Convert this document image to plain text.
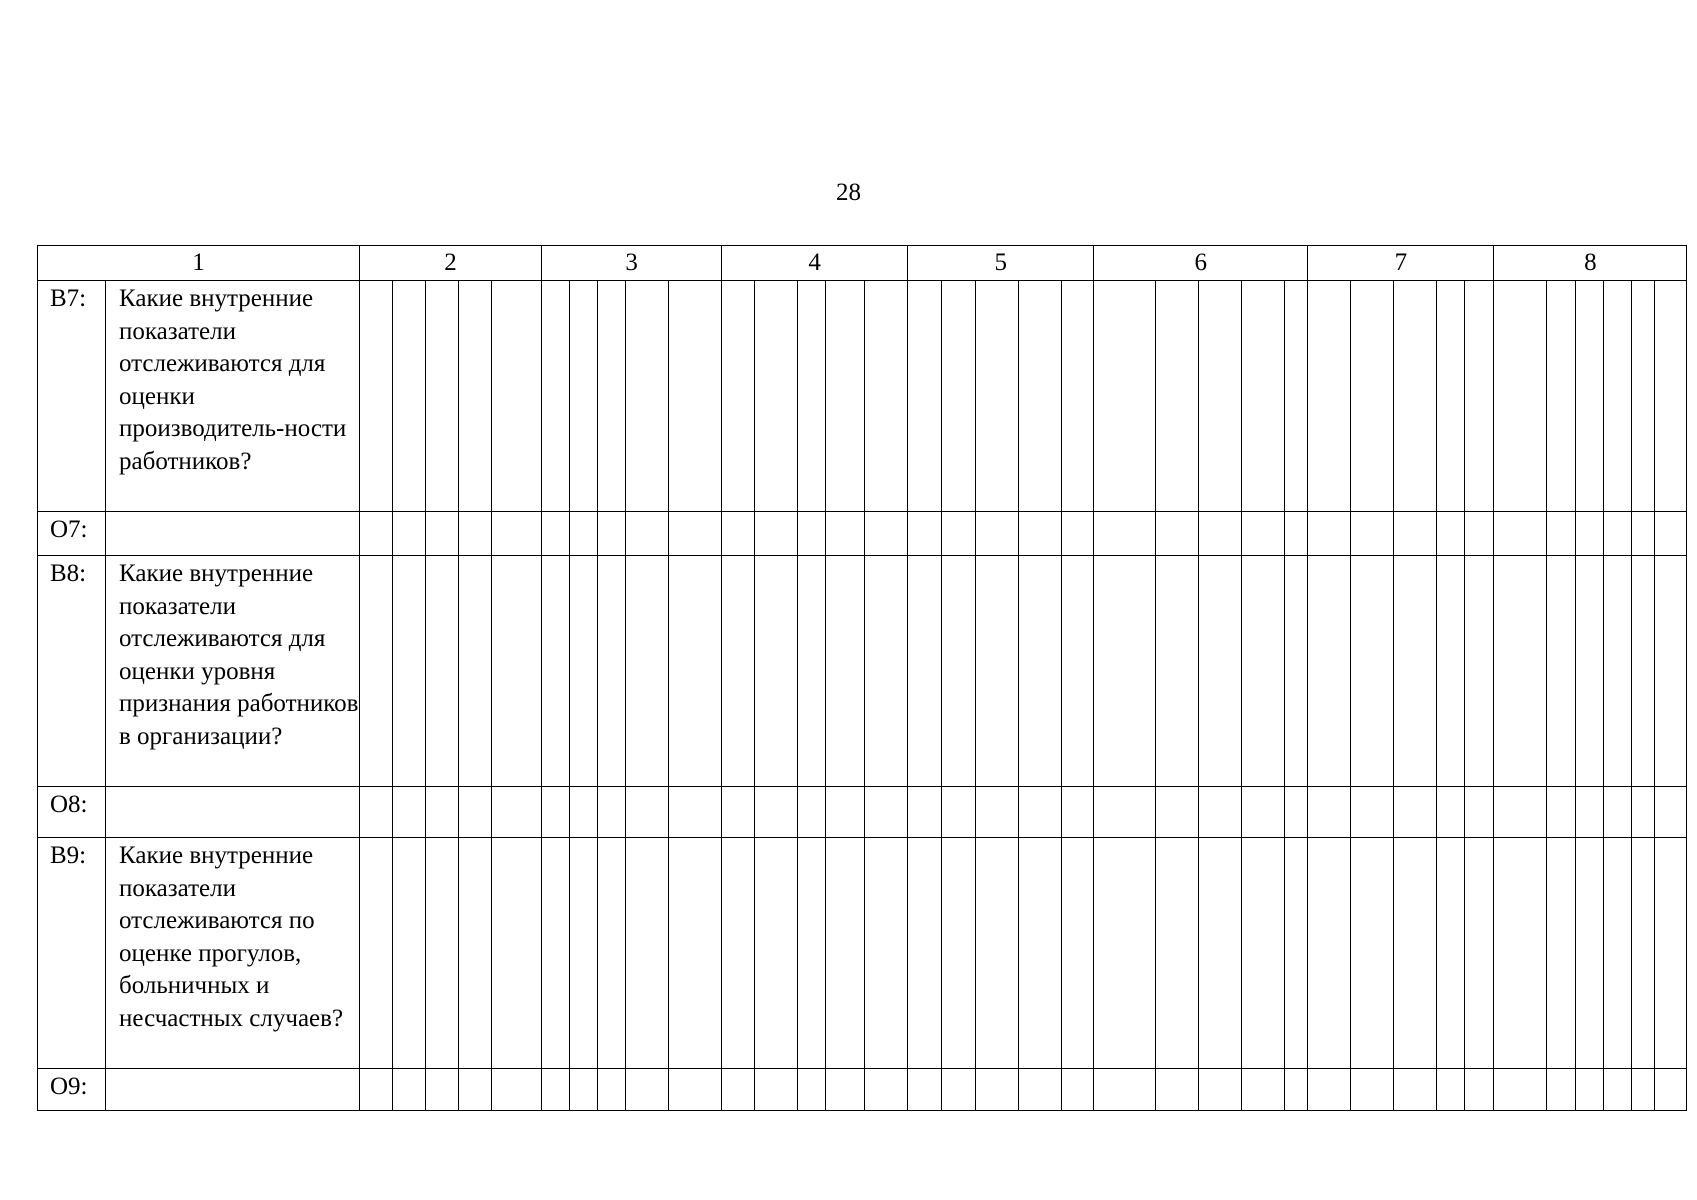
28
1		2					3					4					5					6					7					8						
В7:	Какие внутренние показатели отслеживаются для оценки производитель-ности работников?																																												
О7:																																													
В8:	Какие внутренние показатели отслеживаются для оценки уровня признания работников в организации?																																												
О8:																																													
В9:	Какие внутренние показатели отслеживаются по оценке прогулов, больничных и несчастных случаев?																																												
О9:																																													
